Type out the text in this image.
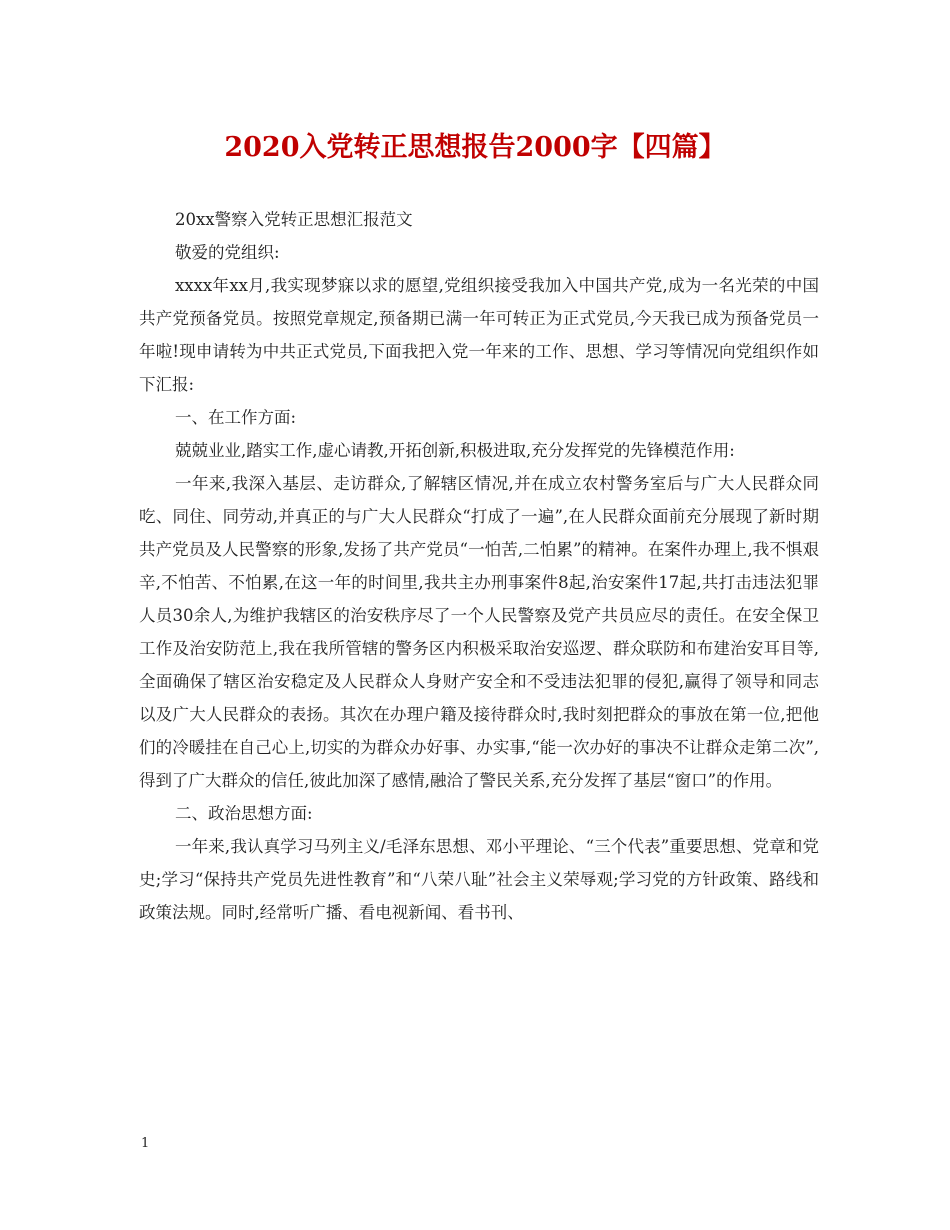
2020入党转正思想报告2000字【四篇】

20xx警察入党转正思想汇报范文

敬爱的党组织:

xxxx年xx月,我实现梦寐以求的愿望,党组织接受我加入中国共产党,成为一名光荣的中国共产党预备党员。按照党章规定,预备期已满一年可转正为正式党员,今天我已成为预备党员一年啦!现申请转为中共正式党员,下面我把入党一年来的工作、思想、学习等情况向党组织作如下汇报:

一、在工作方面:

兢兢业业,踏实工作,虚心请教,开拓创新,积极进取,充分发挥党的先锋模范作用:

一年来,我深入基层、走访群众,了解辖区情况,并在成立农村警务室后与广大人民群众同吃、同住、同劳动,并真正的与广大人民群众“打成了一遍”,在人民群众面前充分展现了新时期共产党员及人民警察的形象,发扬了共产党员“一怕苦,二怕累”的精神。在案件办理上,我不惧艰辛,不怕苦、不怕累,在这一年的时间里,我共主办刑事案件8起,治安案件17起,共打击违法犯罪人员30余人,为维护我辖区的治安秩序尽了一个人民警察及党产共员应尽的责任。在安全保卫工作及治安防范上,我在我所管辖的警务区内积极采取治安巡逻、群众联防和布建治安耳目等,全面确保了辖区治安稳定及人民群众人身财产安全和不受违法犯罪的侵犯,赢得了领导和同志以及广大人民群众的表扬。其次在办理户籍及接待群众时,我时刻把群众的事放在第一位,把他们的冷暖挂在自己心上,切实的为群众办好事、办实事,“能一次办好的事决不让群众走第二次”,得到了广大群众的信任,彼此加深了感情,融洽了警民关系,充分发挥了基层“窗口”的作用。

二、政治思想方面:

一年来,我认真学习马列主义/毛泽东思想、邓小平理论、“三个代表”重要思想、党章和党史;学习“保持共产党员先进性教育”和“八荣八耻”社会主义荣辱观;学习党的方针政策、路线和政策法规。同时,经常听广播、看电视新闻、看书刊、

1
